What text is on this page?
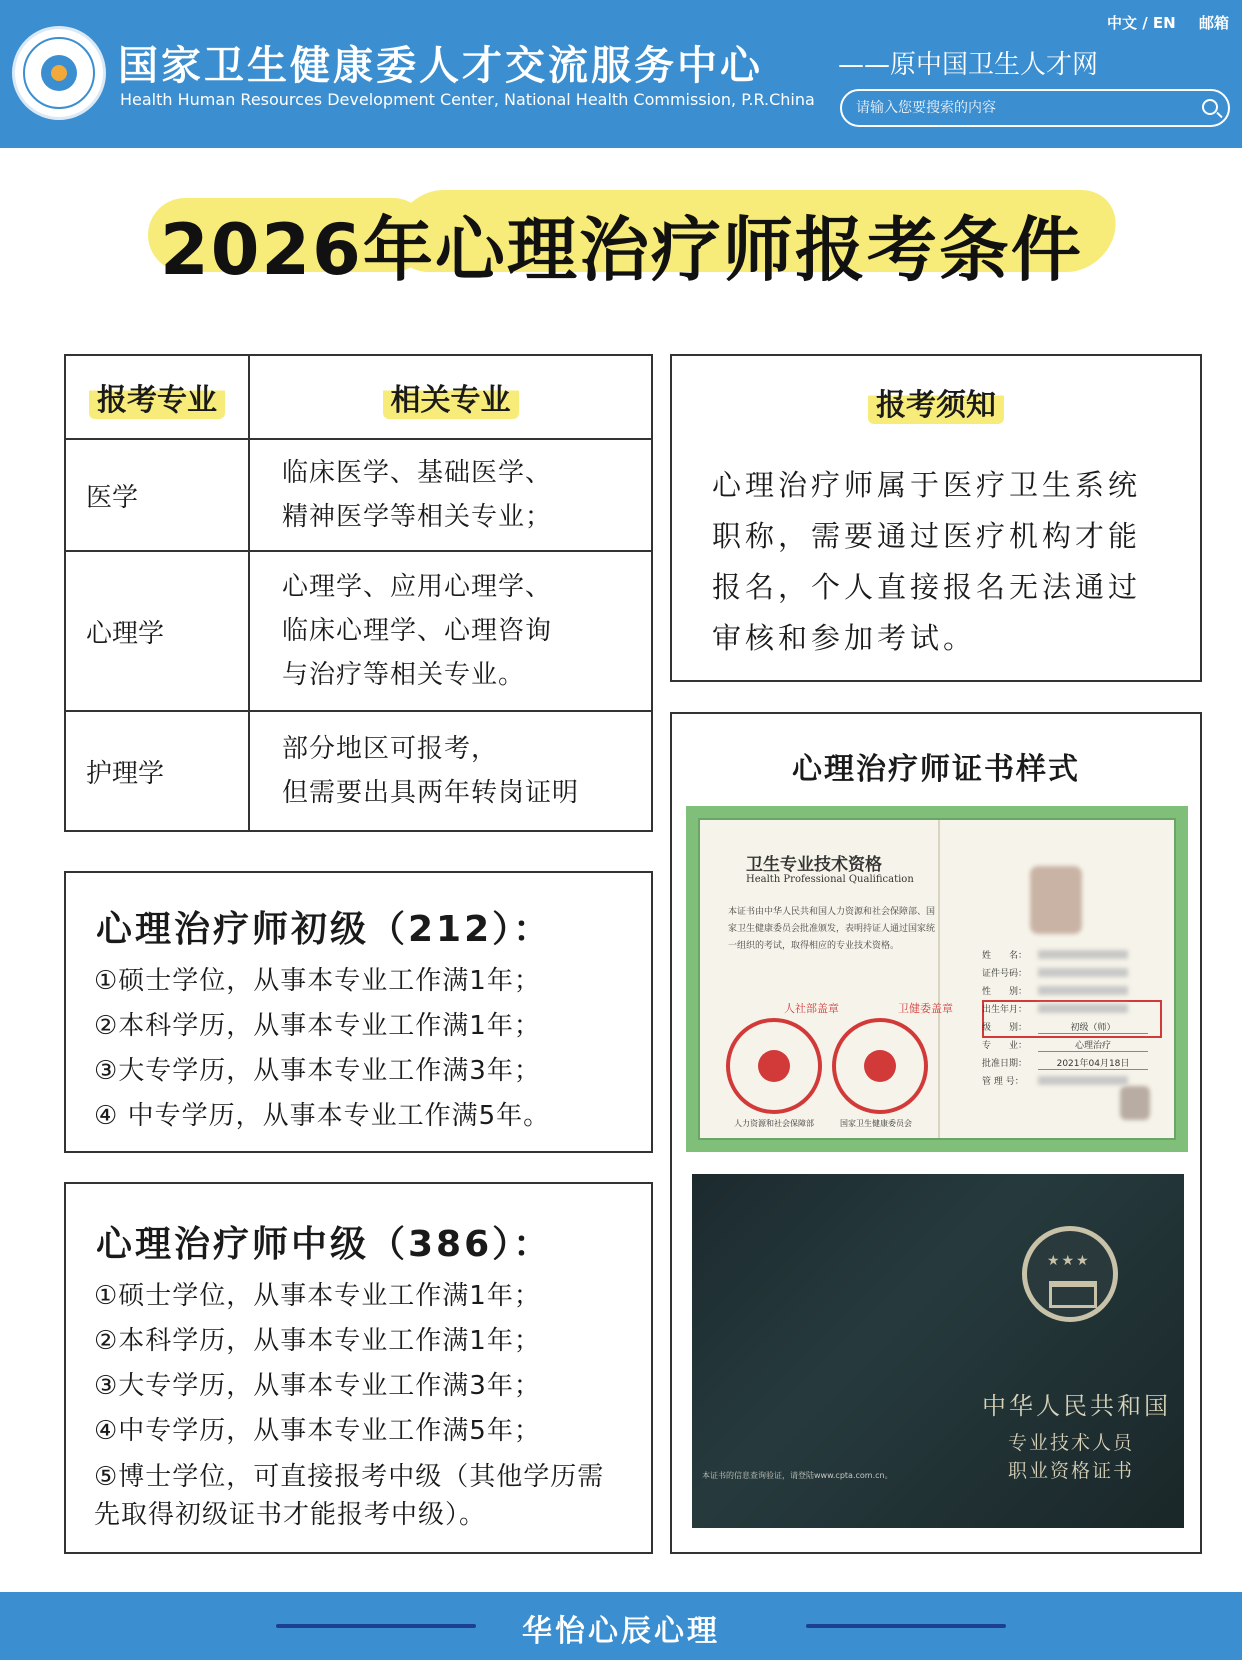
国家卫生健康委人才交流服务中心
Health Human Resources Development Center, National Health Commission, P.R.China
中文 / EN 邮箱
——原中国卫生人才网
请输入您要搜索的内容
2026年心理治疗师报考条件
报考专业	相关专业
医学	临床医学、基础医学、
精神医学等相关专业；

心理学	心理学、应用心理学、
临床心理学、心理咨询
与治疗等相关专业。

护理学	部分地区可报考，
但需要出具两年转岗证明
报考须知
心理治疗师属于医疗卫生系统职称，需要通过医疗机构才能报名，个人直接报名无法通过审核和参加考试。
心理治疗师初级（212）：
①硕士学位，从事本专业工作满1年；
②本科学历，从事本专业工作满1年；
③大专学历，从事本专业工作满3年；
④ 中专学历，从事本专业工作满5年。
心理治疗师中级（386）：
①硕士学位，从事本专业工作满1年；
②本科学历，从事本专业工作满1年；
③大专学历，从事本专业工作满3年；
④中专学历，从事本专业工作满5年；
⑤博士学位，可直接报考中级（其他学历需先取得初级证书才能报考中级）。
心理治疗师证书样式
卫生专业技术资格
Health Professional Qualification
本证书由中华人民共和国人力资源和社会保障部、国家卫生健康委员会批准颁发，表明持证人通过国家统一组织的考试，取得相应的专业技术资格。
人社部盖章	卫健委盖章
人力资源和社会保障部	国家卫生健康委员会
姓　　名：
证件号码：
性　　别：
出生年月：
级　　别：	初级（师）
专　　业：	心理治疗
批准日期：	2021年04月18日
管 理 号：
★★★
中华人民共和国
专业技术人员
职业资格证书
本证书的信息查询验证，请登陆www.cpta.com.cn。
华怡心辰心理
